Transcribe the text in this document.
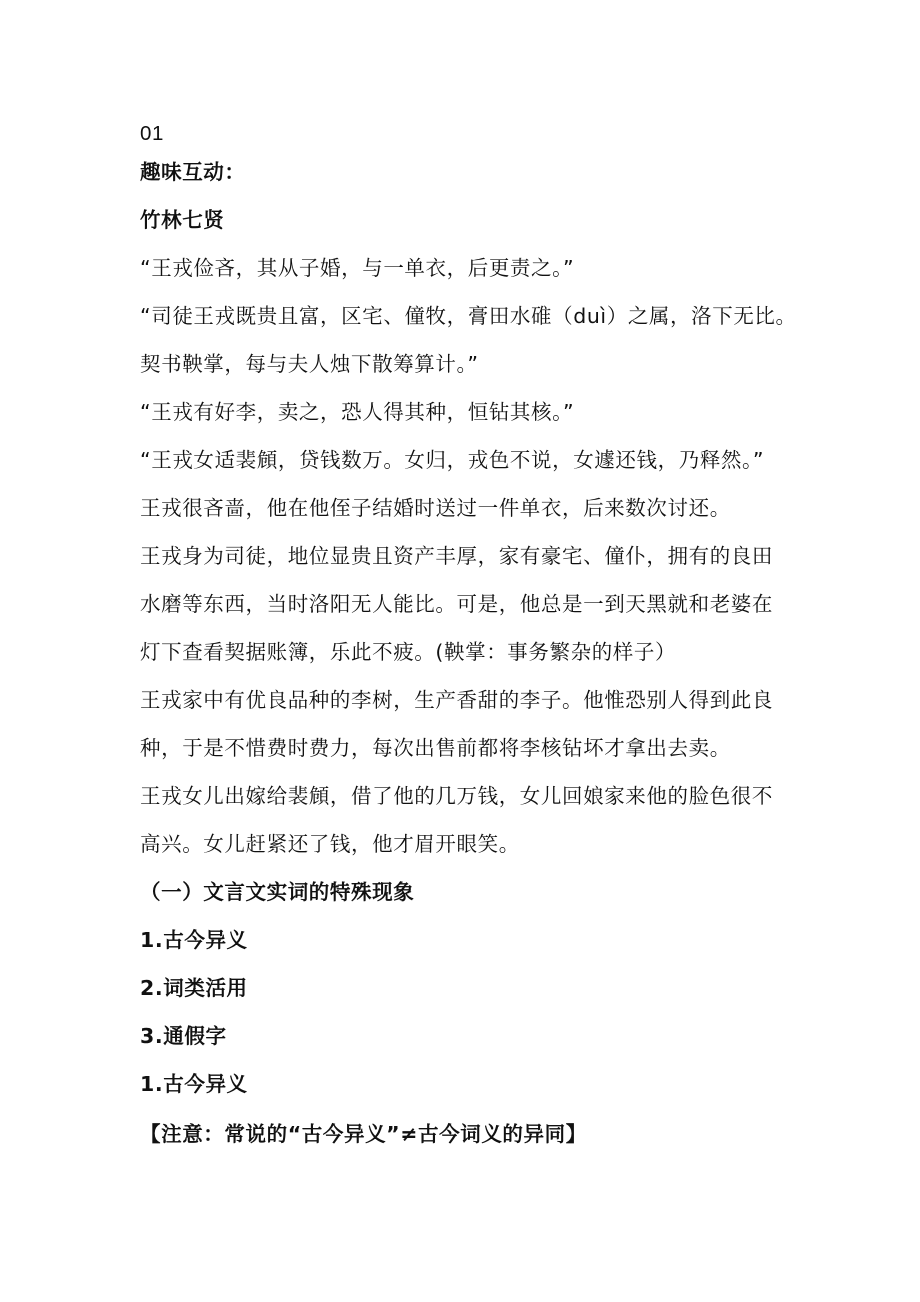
01
趣味互动：
竹林七贤
“王戎俭吝，其从子婚，与一单衣，后更责之。”
“司徒王戎既贵且富，区宅、僮牧，膏田水碓（duì）之属，洛下无比。
契书鞅掌，每与夫人烛下散筹算计。”
“王戎有好李，卖之，恐人得其种，恒钻其核。”
“王戎女适裴頠，贷钱数万。女归，戎色不说，女遽还钱，乃释然。”
王戎很吝啬，他在他侄子结婚时送过一件单衣，后来数次讨还。
王戎身为司徒，地位显贵且资产丰厚，家有豪宅、僮仆，拥有的良田
水磨等东西，当时洛阳无人能比。可是，他总是一到天黑就和老婆在
灯下查看契据账簿，乐此不疲。(鞅掌：事务繁杂的样子）
王戎家中有优良品种的李树，生产香甜的李子。他惟恐别人得到此良
种，于是不惜费时费力，每次出售前都将李核钻坏才拿出去卖。
王戎女儿出嫁给裴頠，借了他的几万钱，女儿回娘家来他的脸色很不
高兴。女儿赶紧还了钱，他才眉开眼笑。
（一）文言文实词的特殊现象
1.古今异义
2.词类活用
3.通假字
1.古今异义
【注意：常说的“古今异义”≠古今词义的异同】
